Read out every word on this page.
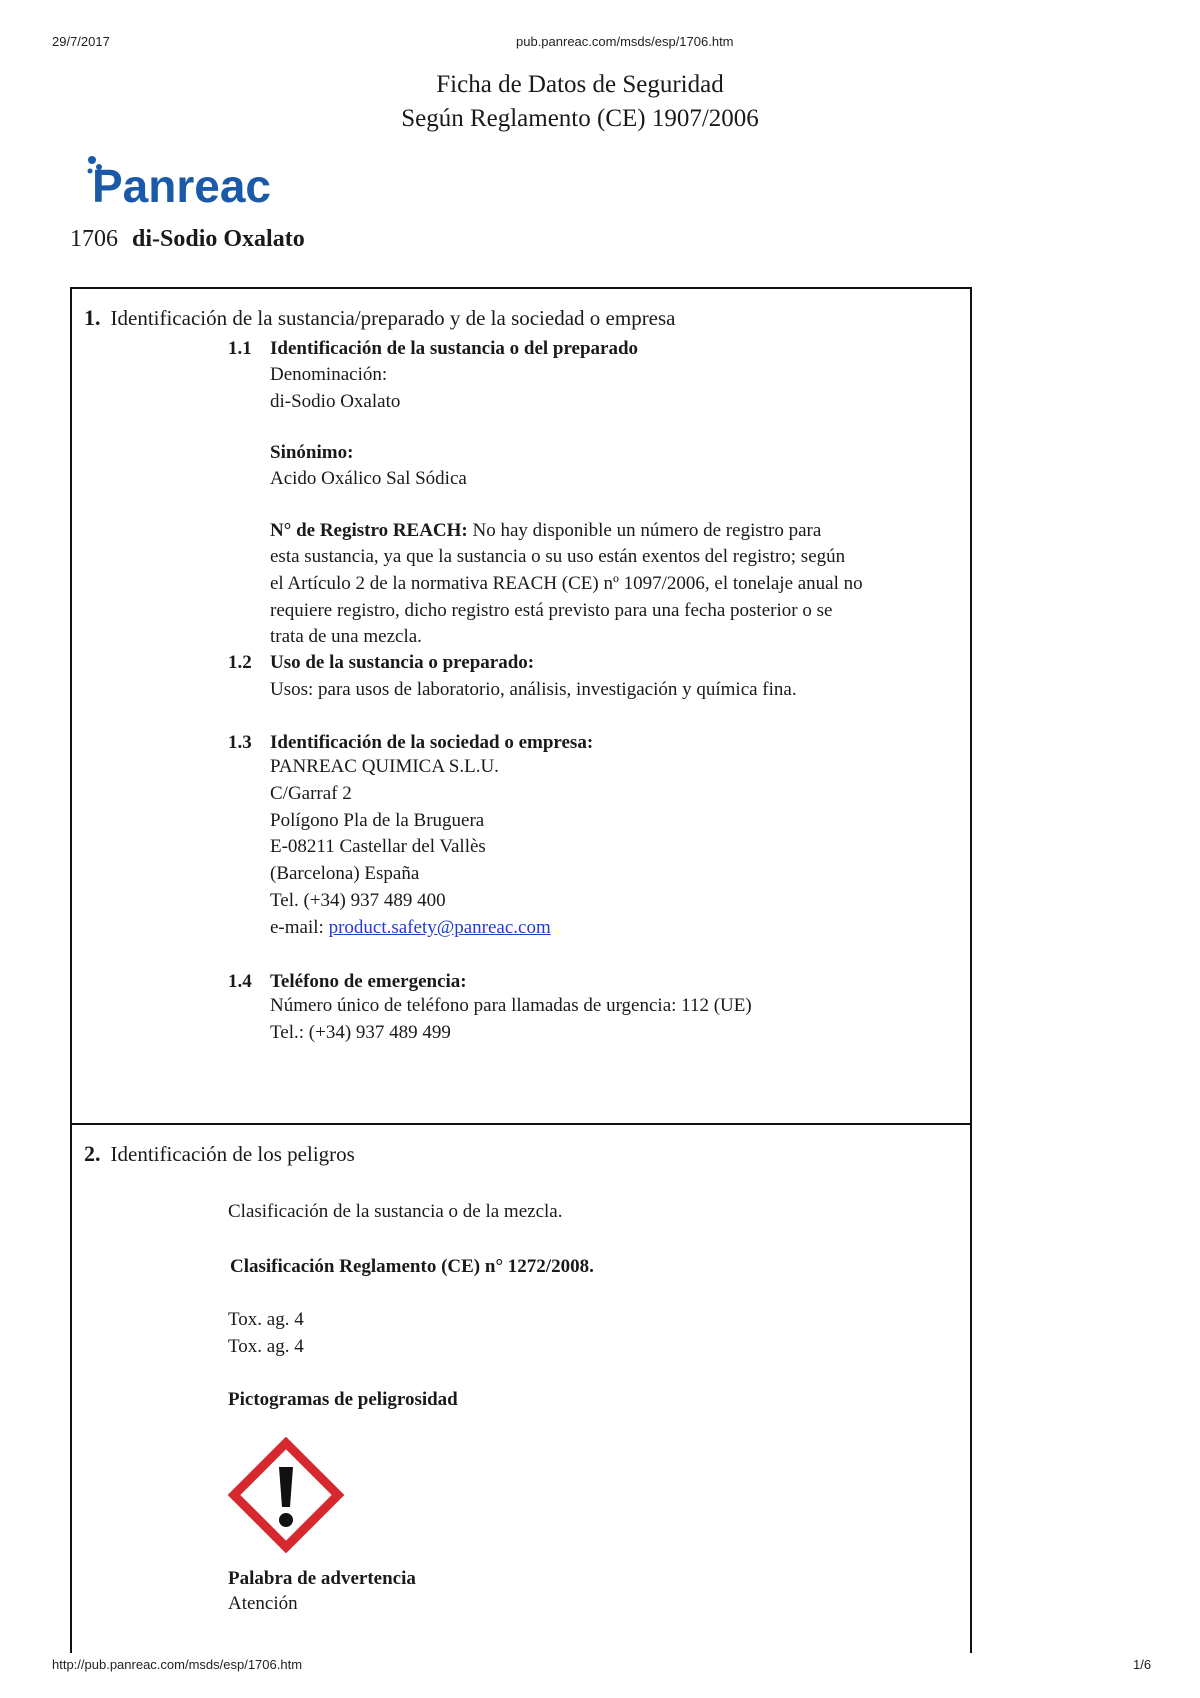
29/7/2017	pub.panreac.com/msds/esp/1706.htm
Ficha de Datos de Seguridad
Según Reglamento (CE) 1907/2006
Panreac
1706 di-Sodio Oxalato
1. Identificación de la sustancia/preparado y de la sociedad o empresa
1.1 Identificación de la sustancia o del preparado
Denominación:
di-Sodio Oxalato
Sinónimo:
Acido Oxálico Sal Sódica
N° de Registro REACH: No hay disponible un número de registro para
esta sustancia, ya que la sustancia o su uso están exentos del registro; según
el Artículo 2 de la normativa REACH (CE) nº 1097/2006, el tonelaje anual no
requiere registro, dicho registro está previsto para una fecha posterior o se
trata de una mezcla.
1.2 Uso de la sustancia o preparado:
Usos: para usos de laboratorio, análisis, investigación y química fina.
1.3 Identificación de la sociedad o empresa:
PANREAC QUIMICA S.L.U.
C/Garraf 2
Polígono Pla de la Bruguera
E-08211 Castellar del Vallès
(Barcelona) España
Tel. (+34) 937 489 400
e-mail: product.safety@panreac.com
1.4 Teléfono de emergencia:
Número único de teléfono para llamadas de urgencia: 112 (UE)
Tel.: (+34) 937 489 499
2. Identificación de los peligros
Clasificación de la sustancia o de la mezcla.
Clasificación Reglamento (CE) n° 1272/2008.
Tox. ag. 4
Tox. ag. 4
Pictogramas de peligrosidad
Palabra de advertencia
Atención
http://pub.panreac.com/msds/esp/1706.htm	1/6
